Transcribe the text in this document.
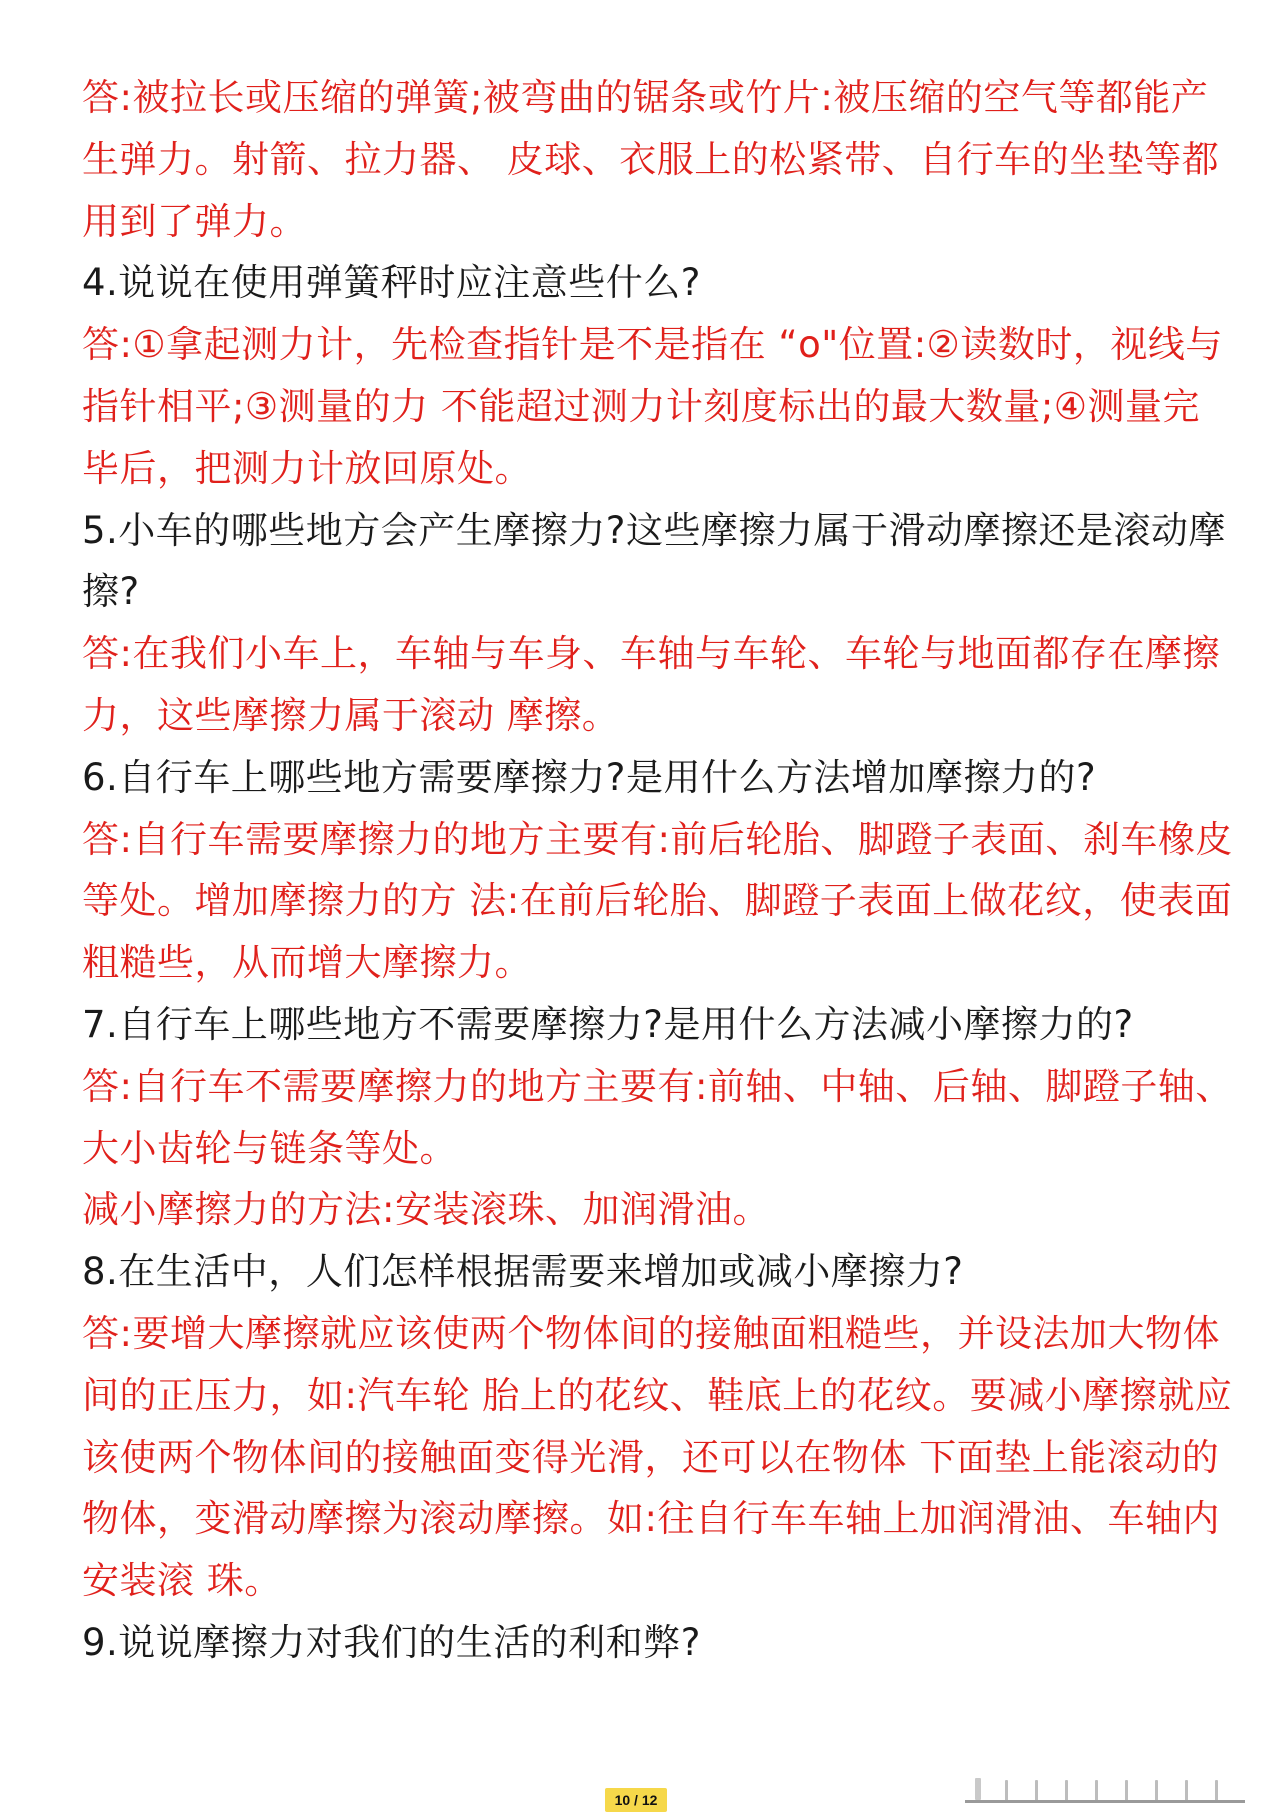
答:被拉长或压缩的弹簧;被弯曲的锯条或竹片:被压缩的空气等都能产
生弹力。射箭、拉力器、 皮球、衣服上的松紧带、自行车的坐垫等都
用到了弹力。
4.说说在使用弹簧秤时应注意些什么?
答:①拿起测力计，先检查指针是不是指在 “o"位置:②读数时，视线与
指针相平;③测量的力 不能超过测力计刻度标出的最大数量;④测量完
毕后，把测力计放回原处。
5.小车的哪些地方会产生摩擦力?这些摩擦力属于滑动摩擦还是滚动摩
擦?
答:在我们小车上，车轴与车身、车轴与车轮、车轮与地面都存在摩擦
力，这些摩擦力属于滚动 摩擦。
6.自行车上哪些地方需要摩擦力?是用什么方法增加摩擦力的?
答:自行车需要摩擦力的地方主要有:前后轮胎、脚蹬子表面、刹车橡皮
等处。增加摩擦力的方 法:在前后轮胎、脚蹬子表面上做花纹，使表面
粗糙些，从而增大摩擦力。
7.自行车上哪些地方不需要摩擦力?是用什么方法减小摩擦力的?
答:自行车不需要摩擦力的地方主要有:前轴、中轴、后轴、脚蹬子轴、
大小齿轮与链条等处。
减小摩擦力的方法:安装滚珠、加润滑油。
8.在生活中，人们怎样根据需要来增加或减小摩擦力?
答:要增大摩擦就应该使两个物体间的接触面粗糙些，并设法加大物体
间的正压力，如:汽车轮 胎上的花纹、鞋底上的花纹。要减小摩擦就应
该使两个物体间的接触面变得光滑，还可以在物体 下面垫上能滚动的
物体，变滑动摩擦为滚动摩擦。如:往自行车车轴上加润滑油、车轴内
安装滚 珠。
9.说说摩擦力对我们的生活的利和弊?
10 / 12
